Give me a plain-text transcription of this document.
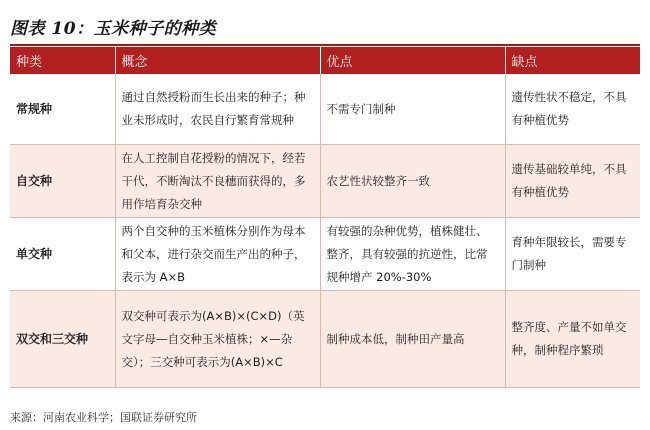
图表 10：玉米种子的种类
种类	概念	优点	缺点
常规种	通过自然授粉而生长出来的种子；种业未形成时，农民自行繁育常规种	不需专门制种	遗传性状不稳定，不具有种植优势
自交种	在人工控制自花授粉的情况下，经若干代，不断淘汰不良穗而获得的，多用作培育杂交种	农艺性状较整齐一致	遗传基础较单纯，不具有种植优势
单交种	两个自交种的玉米植株分别作为母本和父本，进行杂交而生产出的种子，表示为 A×B	有较强的杂种优势，植株健壮、整齐，具有较强的抗逆性，比常规种增产 20%-30%	育种年限较长，需要专门制种
双交和三交种	双交种可表示为(A×B)×(C×D)（英文字母—自交种玉米植株；×—杂交）；三交种可表示为(A×B)×C	制种成本低，制种田产量高	整齐度、产量不如单交种，制种程序繁琐
来源：河南农业科学；国联证券研究所
